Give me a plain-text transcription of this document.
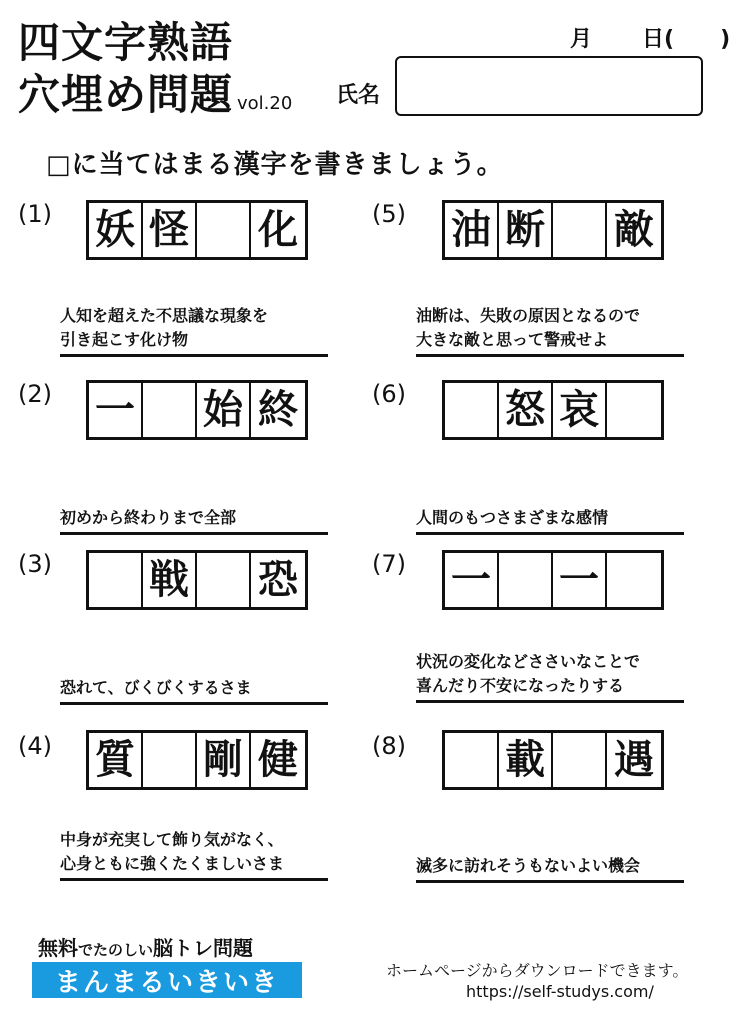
四文字熟語
穴埋め問題 vol.20
月 日( )
氏名
□に当てはまる漢字を書きましょう。
(1) 妖 怪 化
人知を超えた不思議な現象を
引き起こす化け物
(2) 一 始 終
初めから終わりまで全部
(3) 戦 恐
恐れて、びくびくするさま
(4) 質 剛 健
中身が充実して飾り気がなく、
心身ともに強くたくましいさま
(5) 油 断 敵
油断は、失敗の原因となるので
大きな敵と思って警戒せよ
(6) 怒 哀
人間のもつさまざまな感情
(7) 一 一
状況の変化などささいなことで
喜んだり不安になったりする
(8) 載 遇
滅多に訪れそうもないよい機会
無料でたのしい脳トレ問題
まんまるいきいき	ホームページからダウンロードできます。
https://self-studys.com/
